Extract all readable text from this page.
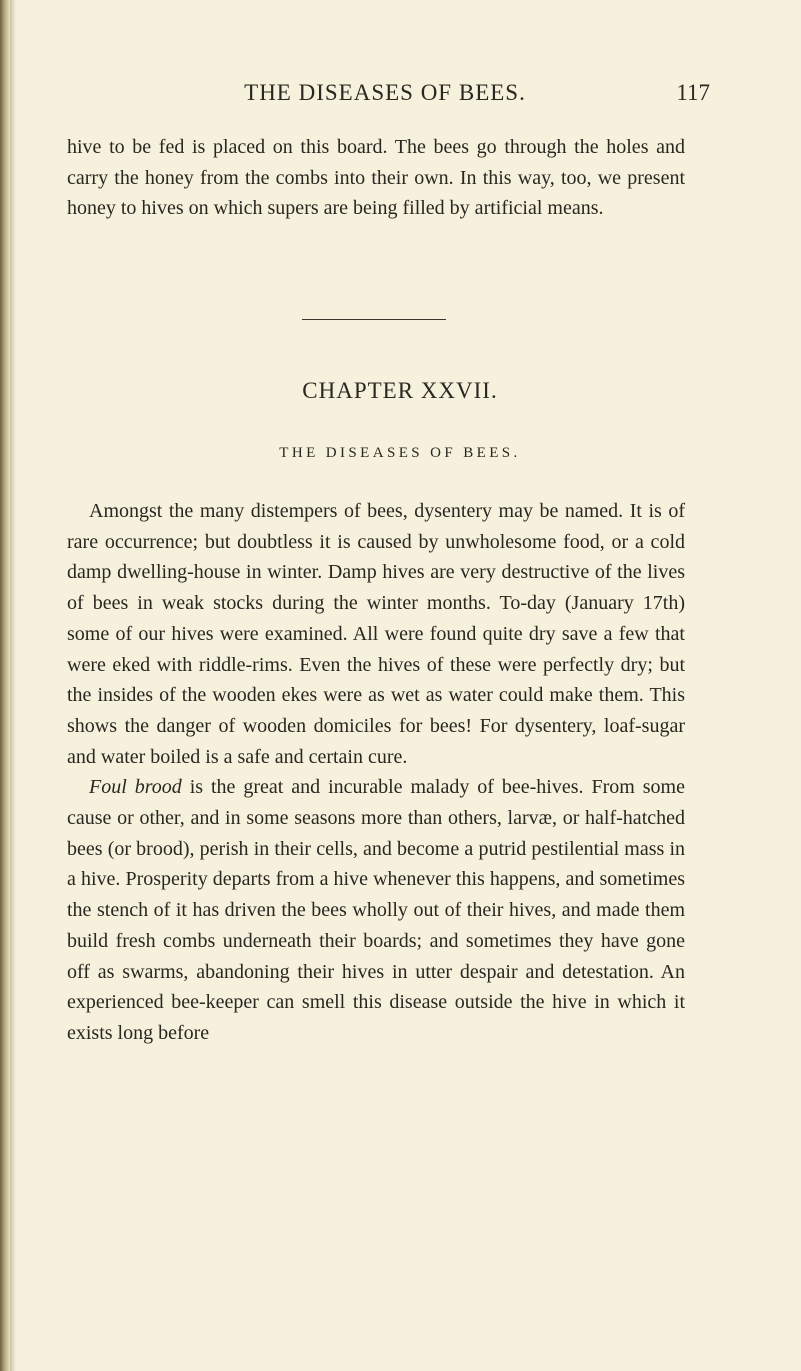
THE DISEASES OF BEES.	117

hive to be fed is placed on this board. The bees go through the holes and carry the honey from the combs into their own. In this way, too, we present honey to hives on which supers are being filled by artificial means.

CHAPTER XXVII.
THE DISEASES OF BEES.

Amongst the many distempers of bees, dysentery may be named. It is of rare occurrence; but doubtless it is caused by unwholesome food, or a cold damp dwelling-house in winter. Damp hives are very destructive of the lives of bees in weak stocks during the winter months. To-day (January 17th) some of our hives were examined. All were found quite dry save a few that were eked with riddle-rims. Even the hives of these were perfectly dry; but the insides of the wooden ekes were as wet as water could make them. This shows the danger of wooden domiciles for bees! For dysentery, loaf-sugar and water boiled is a safe and certain cure.

Foul brood is the great and incurable malady of bee-hives. From some cause or other, and in some seasons more than others, larvæ, or half-hatched bees (or brood), perish in their cells, and become a putrid pestilential mass in a hive. Prosperity departs from a hive whenever this happens, and sometimes the stench of it has driven the bees wholly out of their hives, and made them build fresh combs underneath their boards; and sometimes they have gone off as swarms, abandoning their hives in utter despair and detestation. An experienced bee-keeper can smell this disease outside the hive in which it exists long before
